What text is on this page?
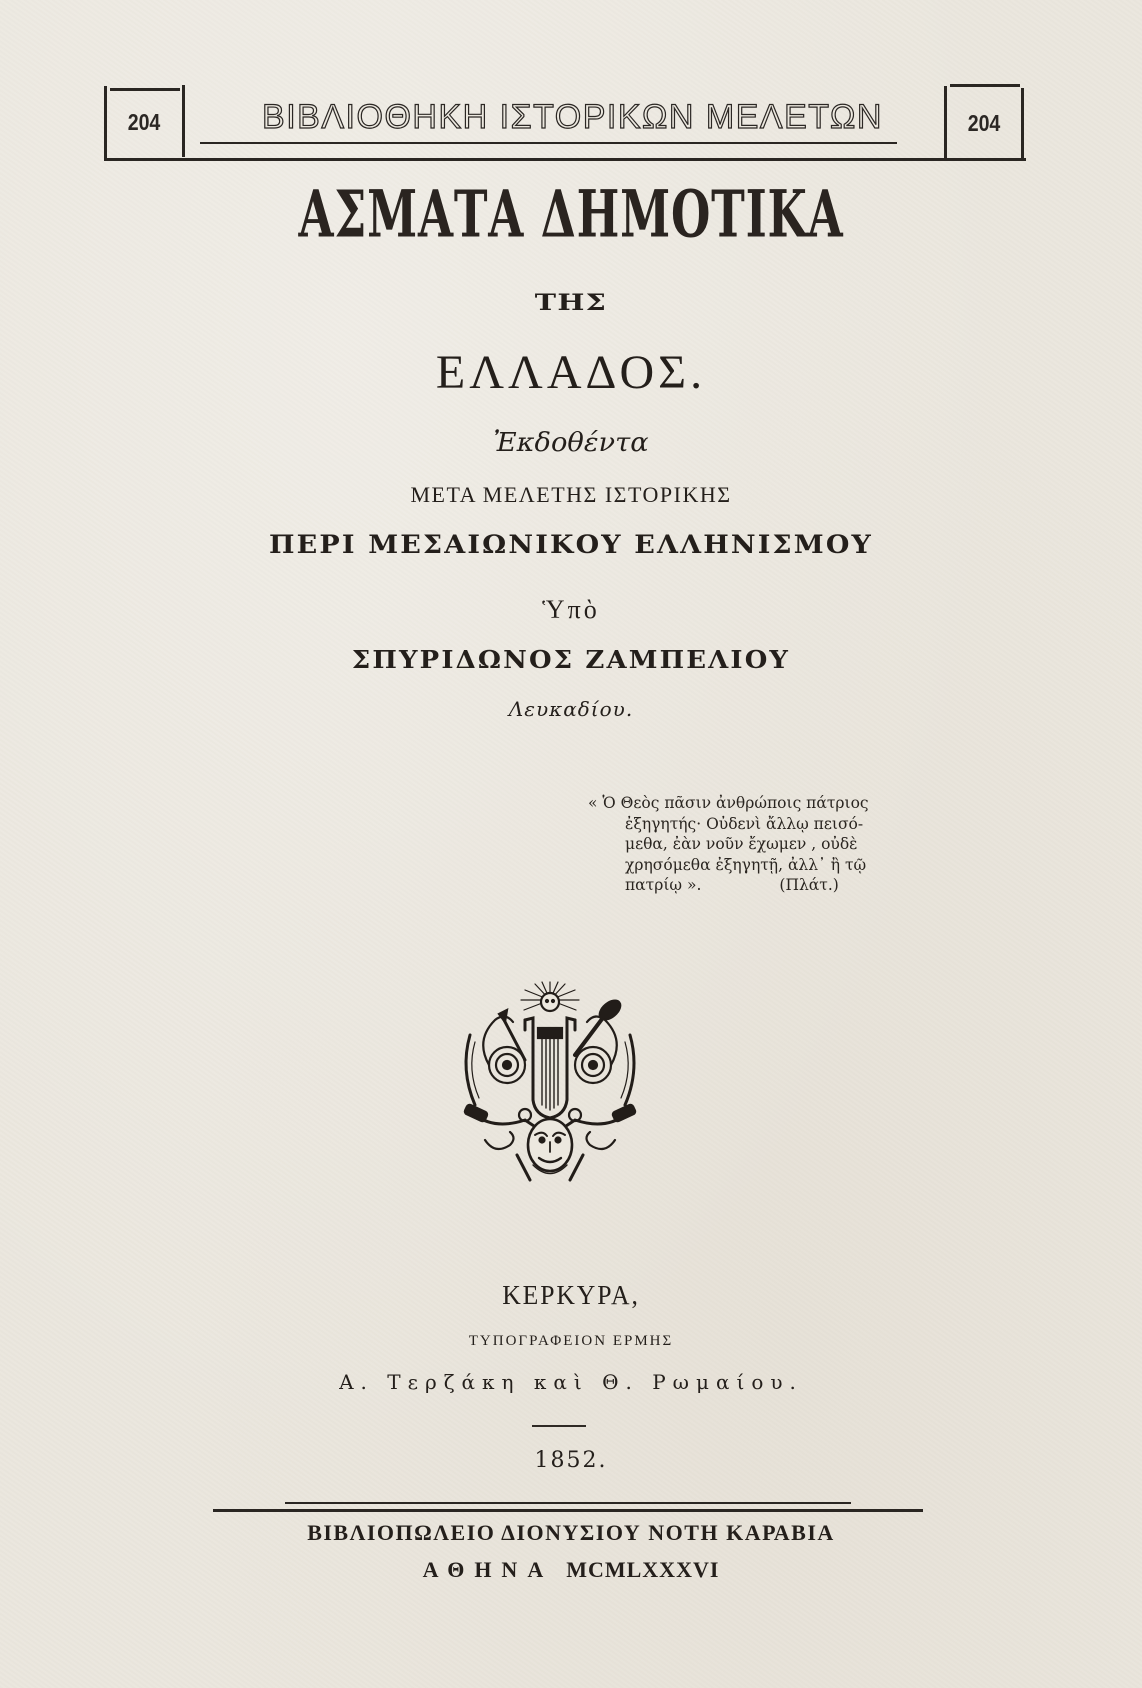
204	ΒΙΒΛΙΟΘΗΚΗ ΙΣΤΟΡΙΚΩΝ ΜΕΛΕΤΩΝ	204
ΑΣΜΑΤΑ ΔΗΜΟΤΙΚΑ
ΤΗΣ
ΕΛΛΑΔΟΣ.
Ἐκδοθέντα
ΜΕΤΑ ΜΕΛΕΤΗΣ ΙΣΤΟΡΙΚΗΣ
ΠΕΡΙ ΜΕΣΑΙΩΝΙΚΟΥ ΕΛΛΗΝΙΣΜΟΥ
Ὑπὸ
ΣΠΥΡΙΔΩΝΟΣ ΖΑΜΠΕΛΙΟΥ
Λευκαδίου.
« Ὁ Θεὸς πᾶσιν ἀνθρώποις πάτριος
ἐξηγητής· Οὐδενὶ ἄλλῳ πεισό-
μεθα, ἐὰν νοῦν ἔχωμεν , οὐδὲ
χρησόμεθα ἐξηγητῇ, ἀλλ᾽ ἢ τῷ
πατρίῳ ».	(Πλάτ.)
ΚΕΡΚΥΡΑ,
ΤΥΠΟΓΡΑΦΕΙΟΝ ΕΡΜΗΣ
Α. Τερζάκη καὶ Θ. Ρωμαίου.
1852.
ΒΙΒΛΙΟΠΩΛΕΙΟ ΔΙΟΝΥΣΙΟΥ ΝΟΤΗ ΚΑΡΑΒΙΑ
ΑΘΗΝΑ MCMLXXXVI
